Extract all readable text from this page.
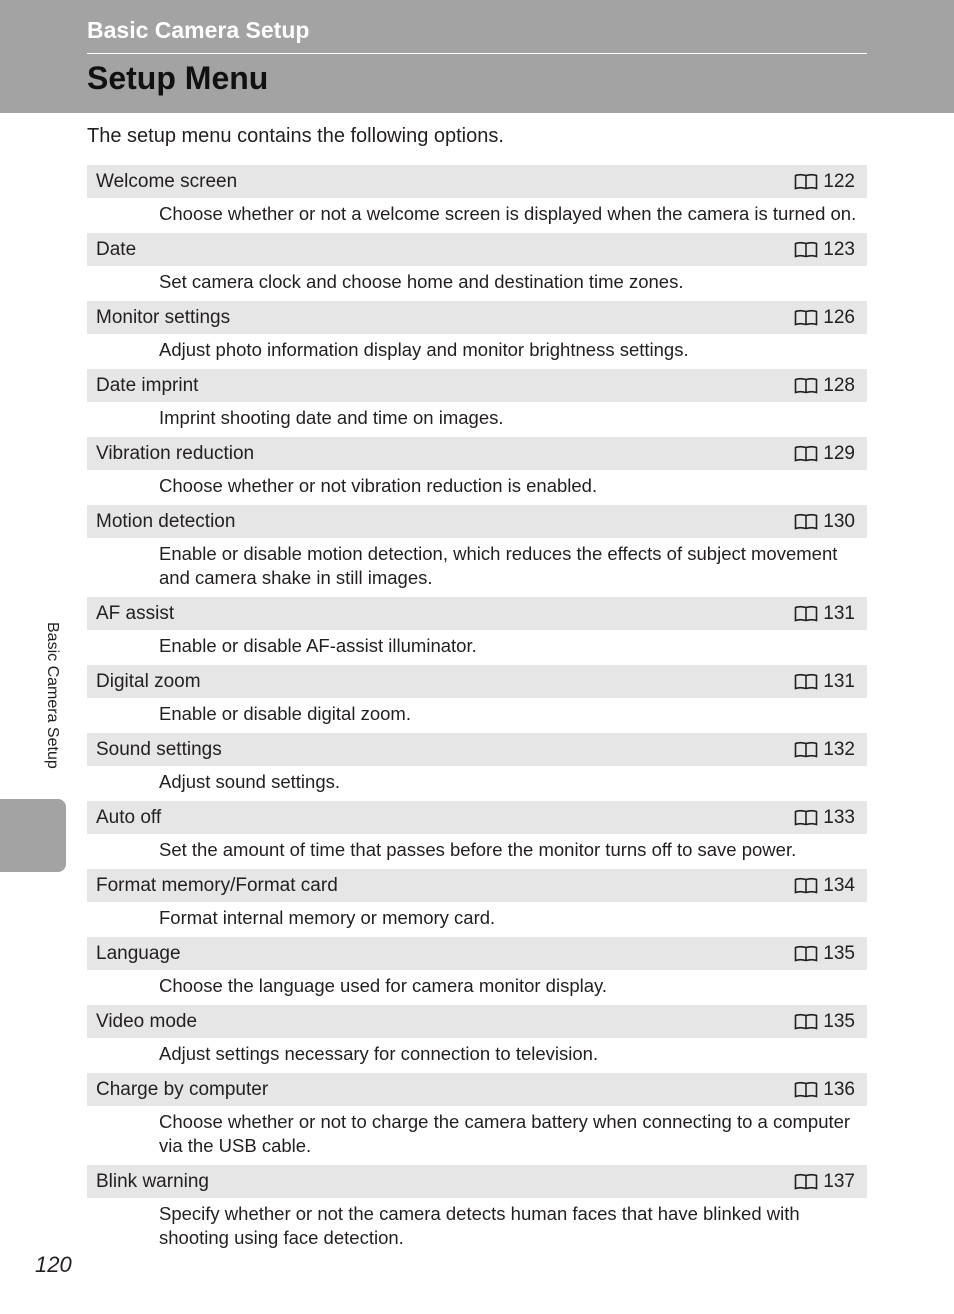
Basic Camera Setup
Setup Menu
The setup menu contains the following options.
Welcome screen	122
Choose whether or not a welcome screen is displayed when the camera is turned on.
Date	123
Set camera clock and choose home and destination time zones.
Monitor settings	126
Adjust photo information display and monitor brightness settings.
Date imprint	128
Imprint shooting date and time on images.
Vibration reduction	129
Choose whether or not vibration reduction is enabled.
Motion detection	130
Enable or disable motion detection, which reduces the effects of subject movement and camera shake in still images.
AF assist	131
Enable or disable AF-assist illuminator.
Digital zoom	131
Enable or disable digital zoom.
Sound settings	132
Adjust sound settings.
Auto off	133
Set the amount of time that passes before the monitor turns off to save power.
Format memory/Format card	134
Format internal memory or memory card.
Language	135
Choose the language used for camera monitor display.
Video mode	135
Adjust settings necessary for connection to television.
Charge by computer	136
Choose whether or not to charge the camera battery when connecting to a computer via the USB cable.
Blink warning	137
Specify whether or not the camera detects human faces that have blinked with shooting using face detection.
Basic Camera Setup
120
